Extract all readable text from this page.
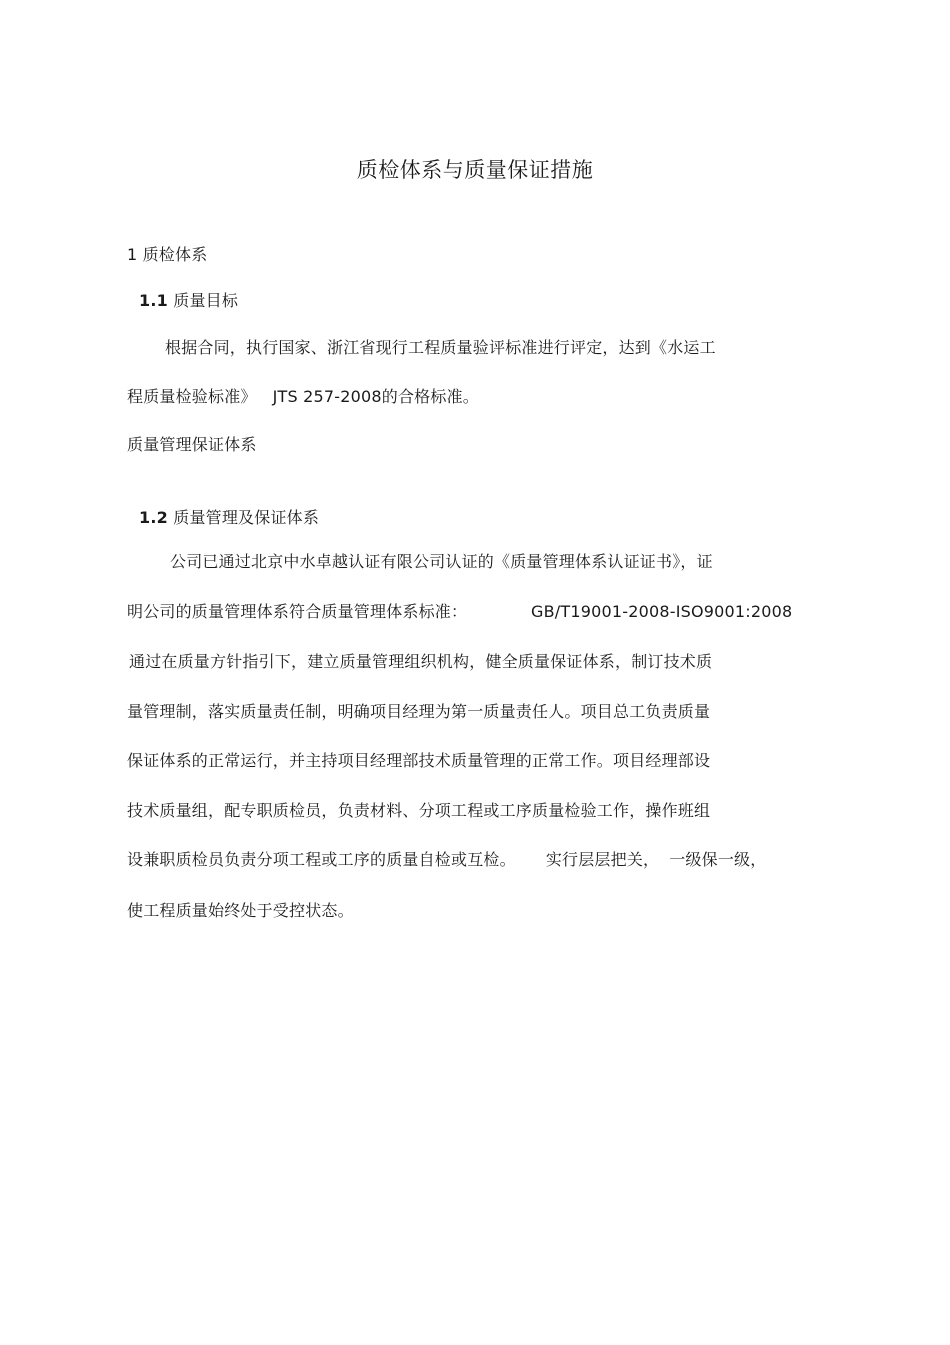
质检体系与质量保证措施
1 质检体系
1.1 质量目标
根据合同，执行国家、浙江省现行工程质量验评标准进行评定，达到《水运工
程质量检验标准》 JTS 257-2008的合格标准。
质量管理保证体系
1.2 质量管理及保证体系
公司已通过北京中水卓越认证有限公司认证的《质量管理体系认证证书》，证
明公司的质量管理体系符合质量管理体系标准：	GB/T19001-2008-ISO9001:2008
通过在质量方针指引下，建立质量管理组织机构，健全质量保证体系，制订技术质
量管理制，落实质量责任制，明确项目经理为第一质量责任人。项目总工负责质量
保证体系的正常运行，并主持项目经理部技术质量管理的正常工作。项目经理部设
技术质量组，配专职质检员，负责材料、分项工程或工序质量检验工作，操作班组
设兼职质检员负责分项工程或工序的质量自检或互检。 实行层层把关， 一级保一级，
使工程质量始终处于受控状态。
